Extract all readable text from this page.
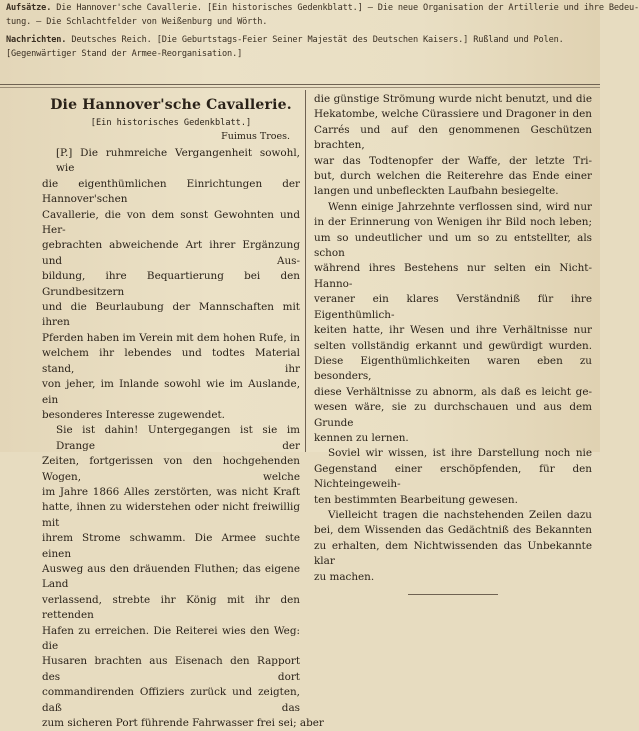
Aufsätze. Die Hannover'sche Cavallerie. [Ein historisches Gedenkblatt.] — Die neue Organisation der Artillerie und ihre Bedeu-
tung. — Die Schlachtfelder von Weißenburg und Wörth.
Nachrichten. Deutsches Reich. [Die Geburtstags-Feier Seiner Majestät des Deutschen Kaisers.] Rußland und Polen.
[Gegenwärtiger Stand der Armee-Reorganisation.]
Die Hannover'sche Cavallerie.
[Ein historisches Gedenkblatt.]
Fuimus Troes.
[P.] Die ruhmreiche Vergangenheit sowohl, wie
die eigenthümlichen Einrichtungen der Hannover'schen
Cavallerie, die von dem sonst Gewohnten und Her-
gebrachten abweichende Art ihrer Ergänzung und Aus-
bildung, ihre Bequartierung bei den Grundbesitzern
und die Beurlaubung der Mannschaften mit ihren
Pferden haben im Verein mit dem hohen Rufe, in
welchem ihr lebendes und todtes Material stand, ihr
von jeher, im Inlande sowohl wie im Auslande, ein
besonderes Interesse zugewendet.
Sie ist dahin! Untergegangen ist sie im Drange der
Zeiten, fortgerissen von den hochgehenden Wogen, welche
im Jahre 1866 Alles zerstörten, was nicht Kraft
hatte, ihnen zu widerstehen oder nicht freiwillig mit
ihrem Strome schwamm. Die Armee suchte einen
Ausweg aus den dräuenden Fluthen; das eigene Land
verlassend, strebte ihr König mit ihr den rettenden
Hafen zu erreichen. Die Reiterei wies den Weg: die
Husaren brachten aus Eisenach den Rapport des dort
commandirenden Offiziers zurück und zeigten, daß das
zum sicheren Port führende Fahrwasser frei sei; aber
die günstige Strömung wurde nicht benutzt, und die
Hekatombe, welche Cürassiere und Dragoner in den
Carrés und auf den genommenen Geschützen brachten,
war das Todtenopfer der Waffe, der letzte Tri-
but, durch welchen die Reiterehre das Ende einer
langen und unbefleckten Laufbahn besiegelte.
Wenn einige Jahrzehnte verflossen sind, wird nur
in der Erinnerung von Wenigen ihr Bild noch leben;
um so undeutlicher und um so zu entstellter, als schon
während ihres Bestehens nur selten ein Nicht-Hanno-
veraner ein klares Verständniß für ihre Eigenthümlich-
keiten hatte, ihr Wesen und ihre Verhältnisse nur
selten vollständig erkannt und gewürdigt wurden.
Diese Eigenthümlichkeiten waren eben zu besonders,
diese Verhältnisse zu abnorm, als daß es leicht ge-
wesen wäre, sie zu durchschauen und aus dem Grunde
kennen zu lernen.
Soviel wir wissen, ist ihre Darstellung noch nie
Gegenstand einer erschöpfenden, für den Nichteingeweih-
ten bestimmten Bearbeitung gewesen.
Vielleicht tragen die nachstehenden Zeilen dazu
bei, dem Wissenden das Gedächtniß des Bekannten
zu erhalten, dem Nichtwissenden das Unbekannte klar
zu machen.
